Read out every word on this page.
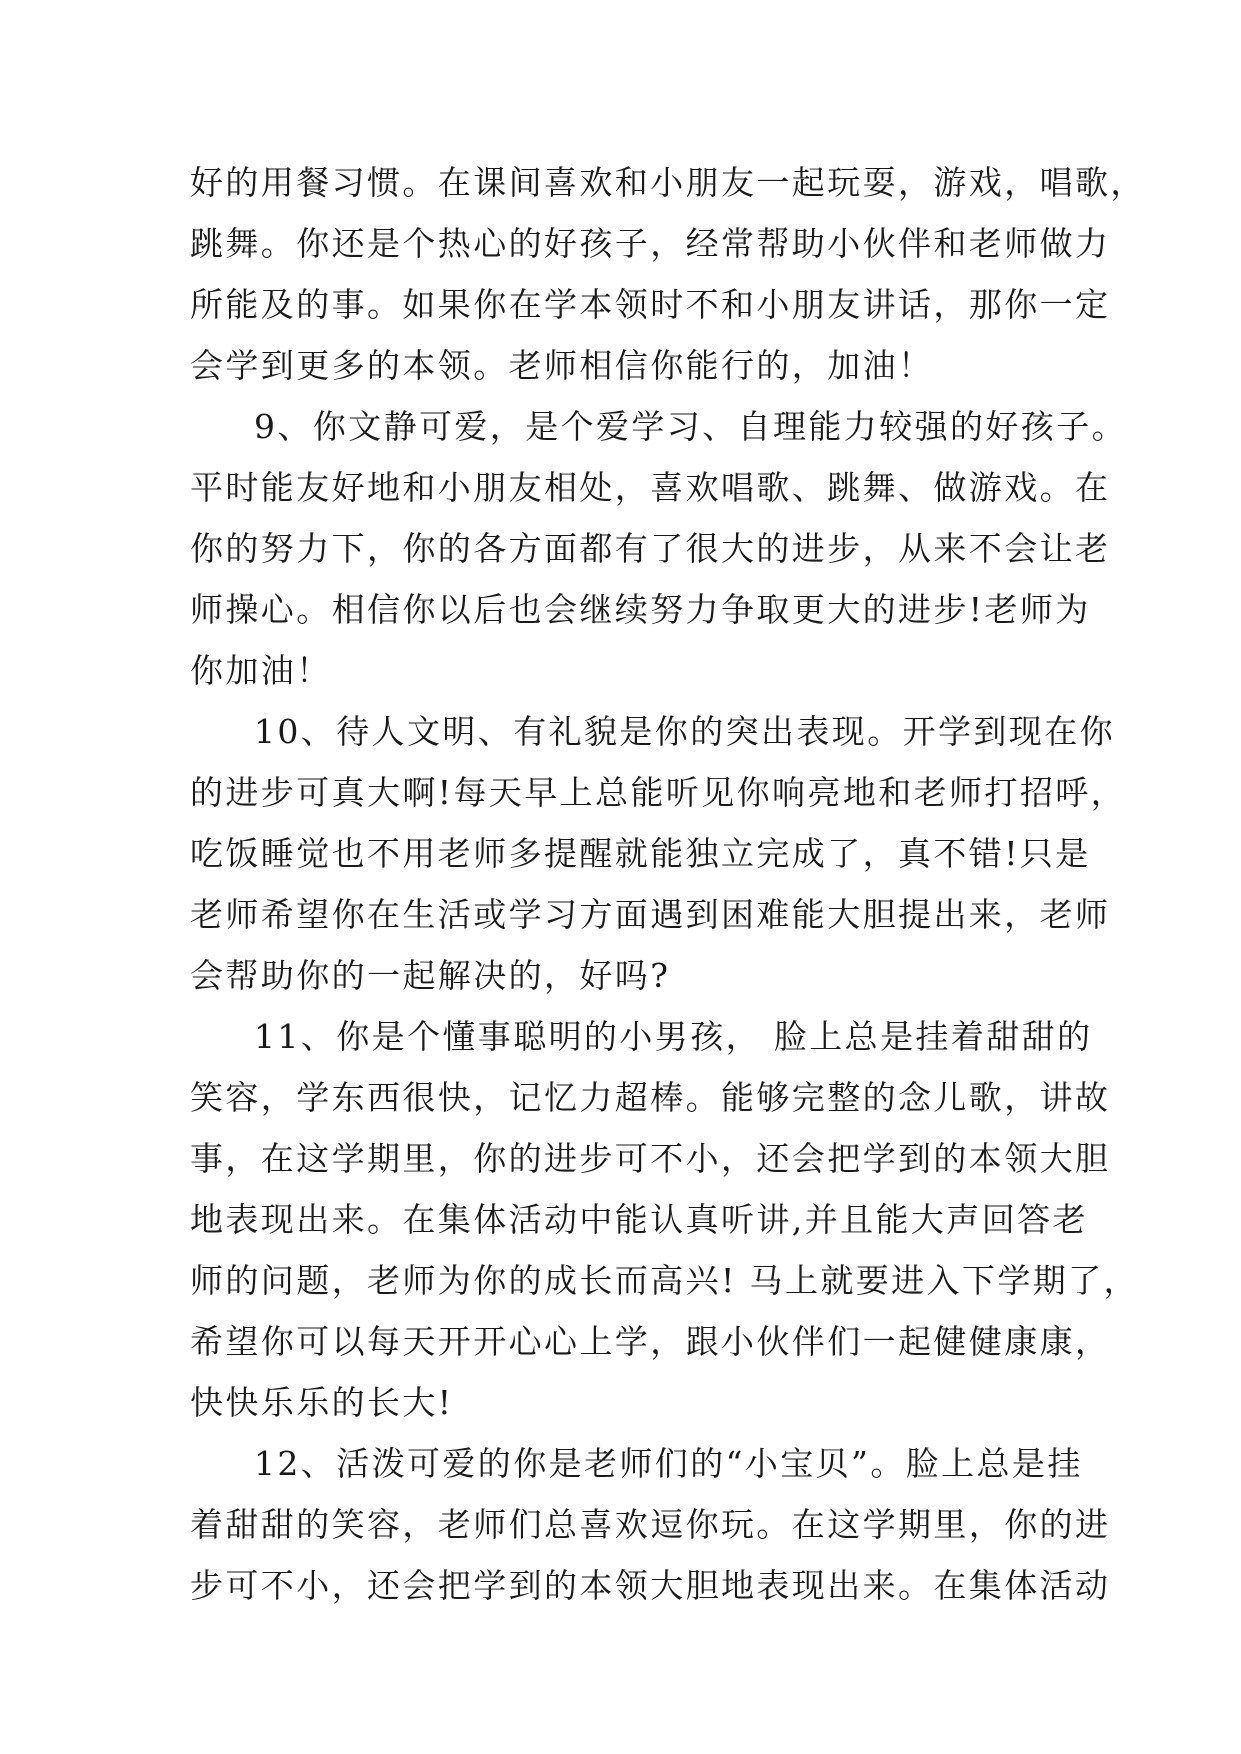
好的用餐习惯。在课间喜欢和小朋友一起玩耍，游戏，唱歌，
跳舞。你还是个热心的好孩子，经常帮助小伙伴和老师做力
所能及的事。如果你在学本领时不和小朋友讲话，那你一定
会学到更多的本领。老师相信你能行的，加油！
9、你文静可爱，是个爱学习、自理能力较强的好孩子。
平时能友好地和小朋友相处，喜欢唱歌、跳舞、做游戏。在
你的努力下，你的各方面都有了很大的进步，从来不会让老
师操心。相信你以后也会继续努力争取更大的进步!老师为
你加油！
10、待人文明、有礼貌是你的突出表现。开学到现在你
的进步可真大啊!每天早上总能听见你响亮地和老师打招呼，
吃饭睡觉也不用老师多提醒就能独立完成了，真不错!只是
老师希望你在生活或学习方面遇到困难能大胆提出来，老师
会帮助你的一起解决的，好吗?
11、你是个懂事聪明的小男孩， 脸上总是挂着甜甜的
笑容，学东西很快，记忆力超棒。能够完整的念儿歌，讲故
事，在这学期里，你的进步可不小，还会把学到的本领大胆
地表现出来。在集体活动中能认真听讲,并且能大声回答老
师的问题，老师为你的成长而高兴! 马上就要进入下学期了，
希望你可以每天开开心心上学，跟小伙伴们一起健健康康，
快快乐乐的长大!
12、活泼可爱的你是老师们的“小宝贝”。脸上总是挂
着甜甜的笑容，老师们总喜欢逗你玩。在这学期里，你的进
步可不小，还会把学到的本领大胆地表现出来。在集体活动
